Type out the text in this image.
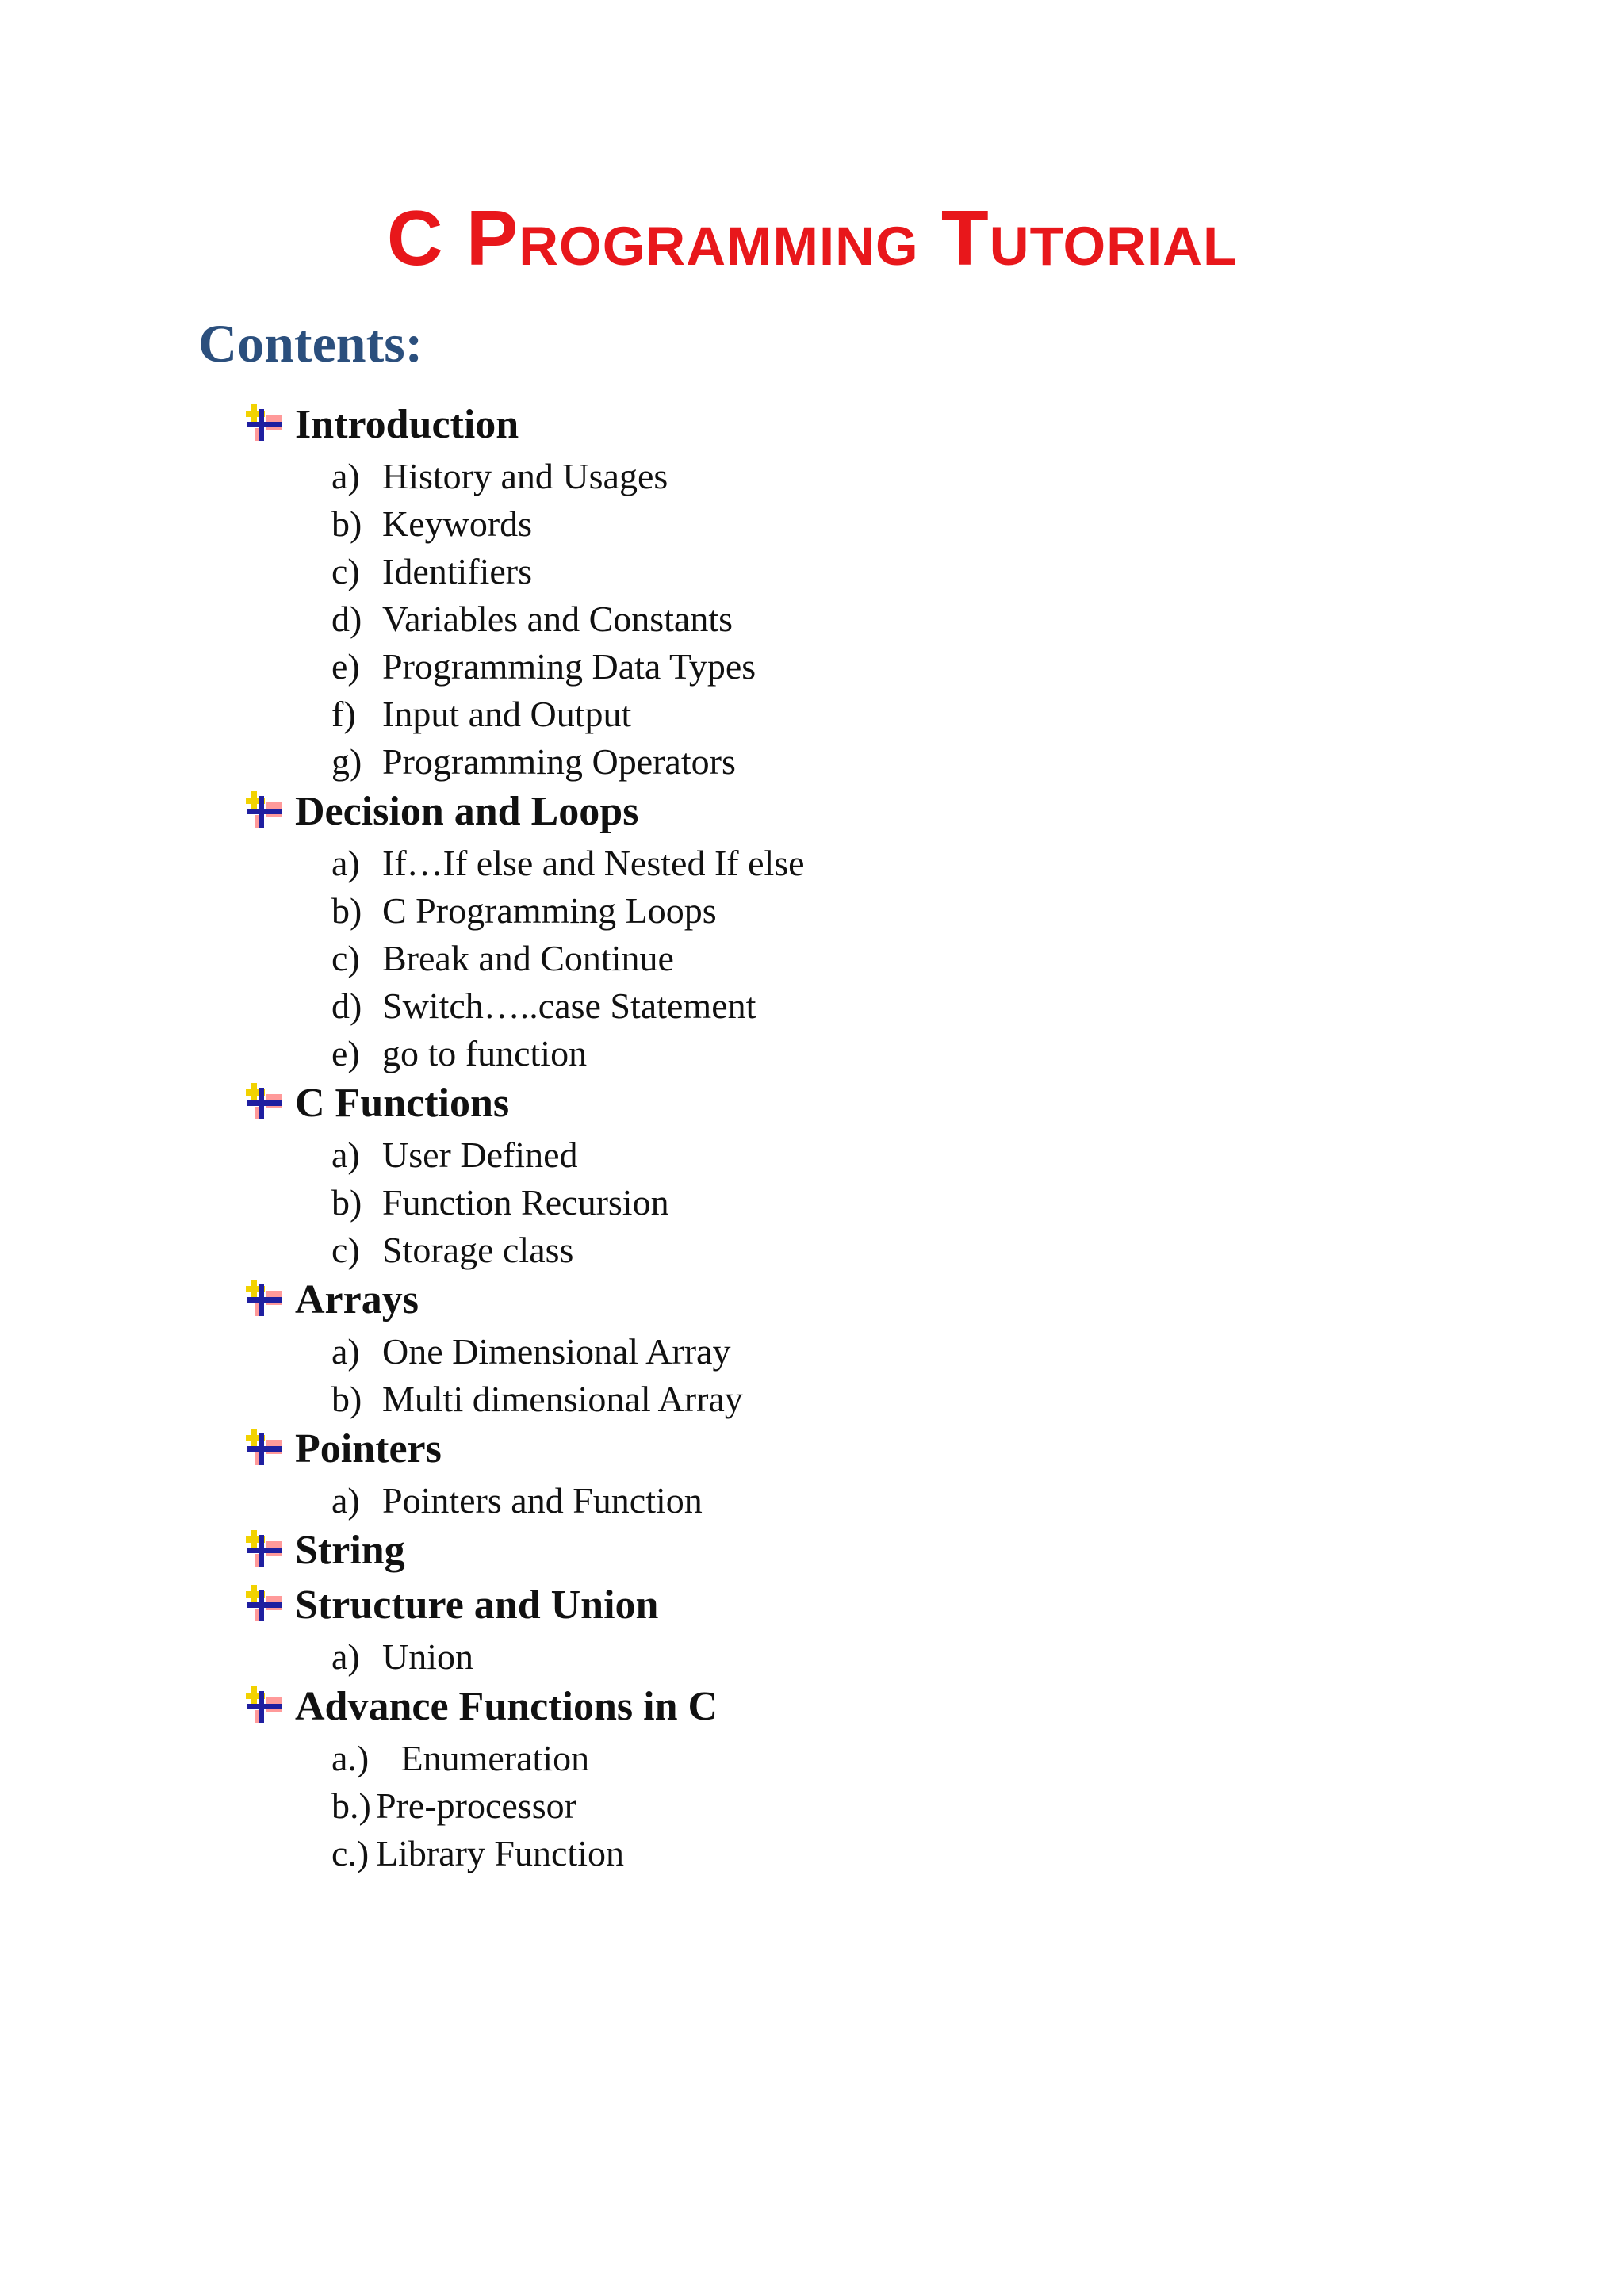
C Programming Tutorial
Contents:
Introduction
a) History and Usages
b) Keywords
c) Identifiers
d) Variables and Constants
e) Programming Data Types
f) Input and Output
g) Programming Operators
Decision and Loops
a) If…If else and Nested If else
b) C Programming Loops
c) Break and Continue
d) Switch…..case Statement
e) go to function
C Functions
a) User Defined
b) Function Recursion
c) Storage class
Arrays
a) One Dimensional Array
b) Multi dimensional Array
Pointers
a) Pointers and Function
String
Structure and Union
a) Union
Advance Functions in C
a.) Enumeration
b.) Pre-processor
c.) Library Function
